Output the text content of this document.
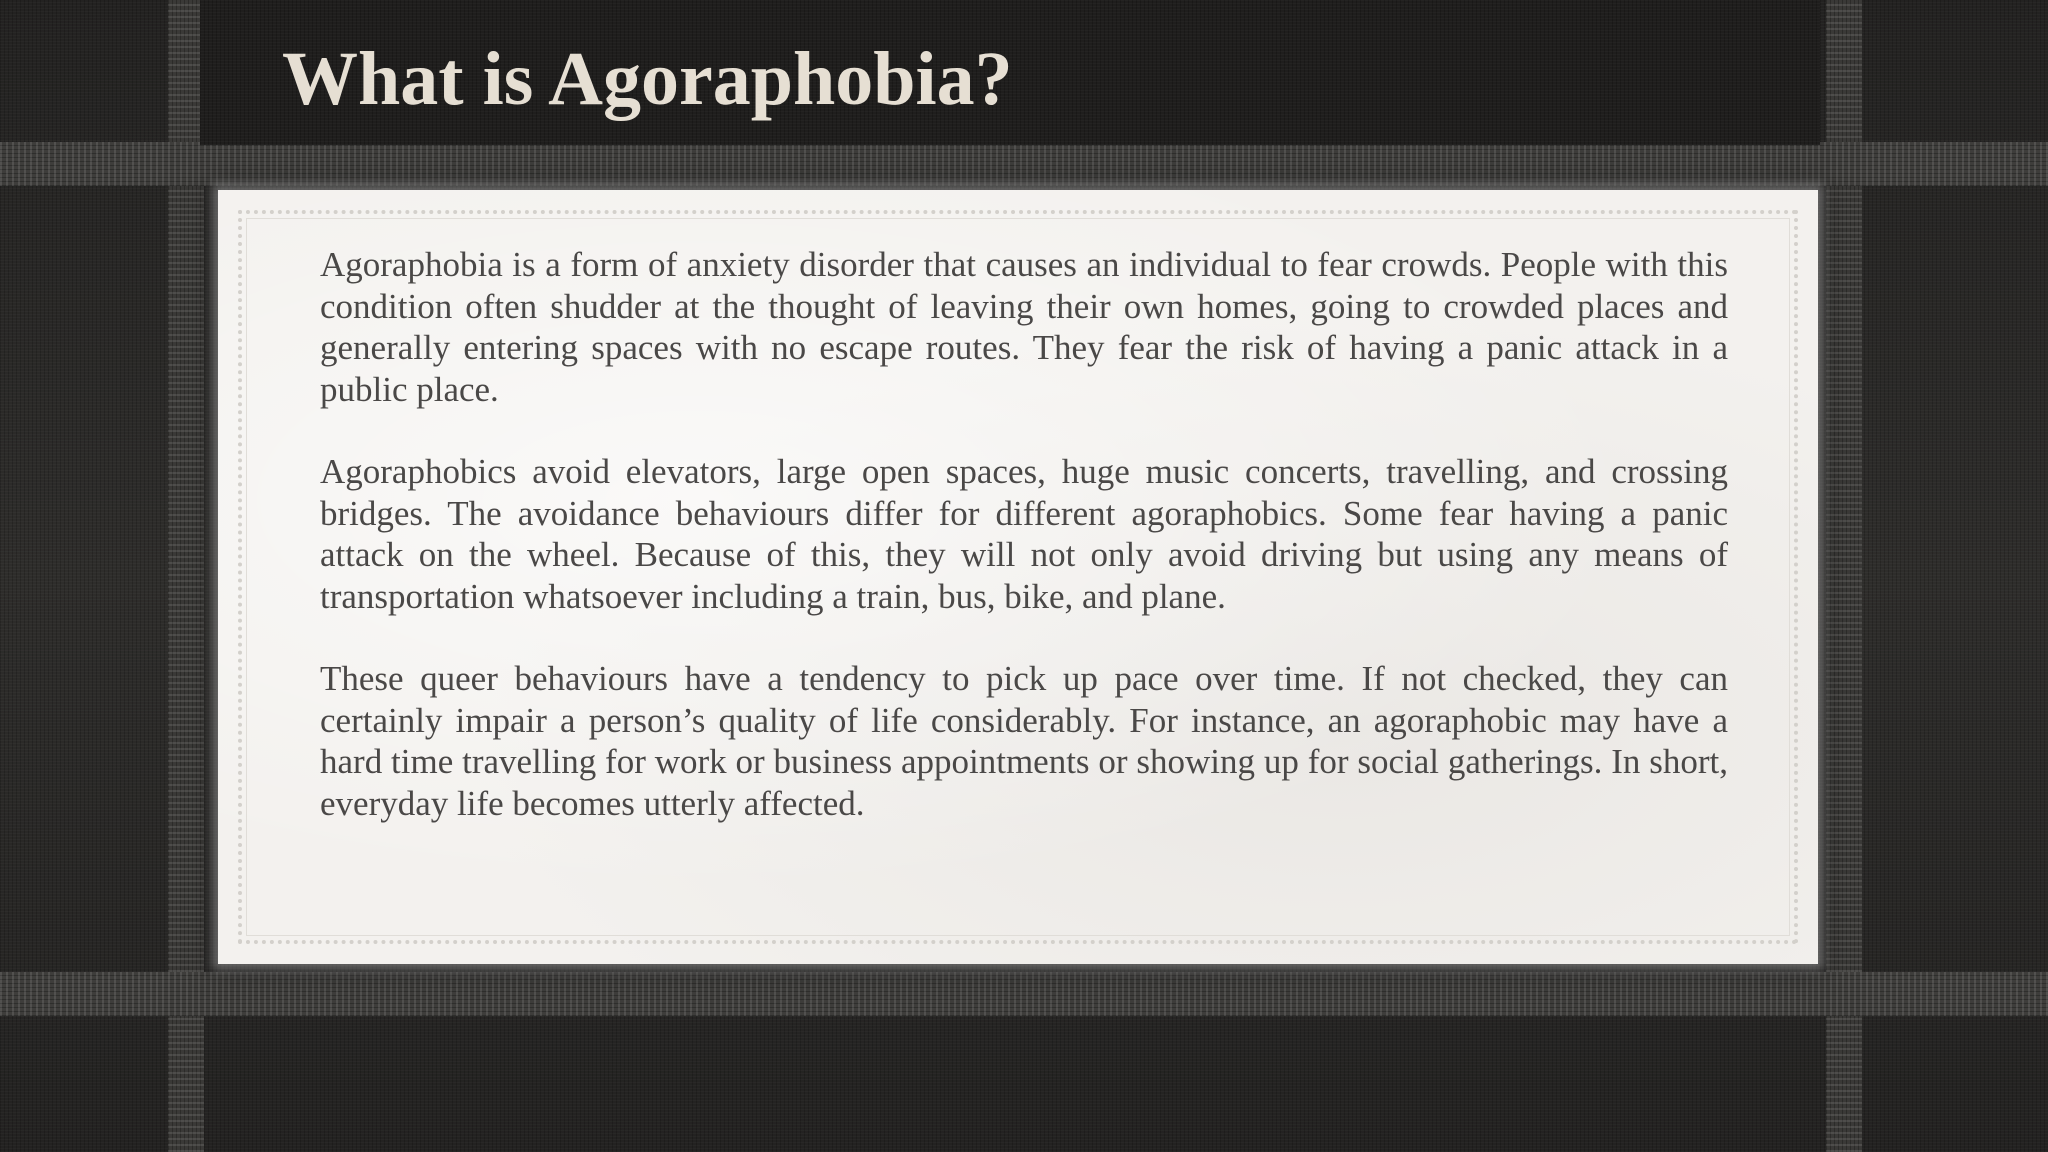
What is Agoraphobia?

Agoraphobia is a form of anxiety disorder that causes an individual to fear crowds. People with this condition often shudder at the thought of leaving their own homes, going to crowded places and generally entering spaces with no escape routes. They fear the risk of having a panic attack in a public place.

Agoraphobics avoid elevators, large open spaces, huge music concerts, travelling, and crossing bridges. The avoidance behaviours differ for different agoraphobics. Some fear having a panic attack on the wheel. Because of this, they will not only avoid driving but using any means of transportation whatsoever including a train, bus, bike, and plane.

These queer behaviours have a tendency to pick up pace over time. If not checked, they can certainly impair a person’s quality of life considerably. For instance, an agoraphobic may have a hard time travelling for work or business appointments or showing up for social gatherings. In short, everyday life becomes utterly affected.
